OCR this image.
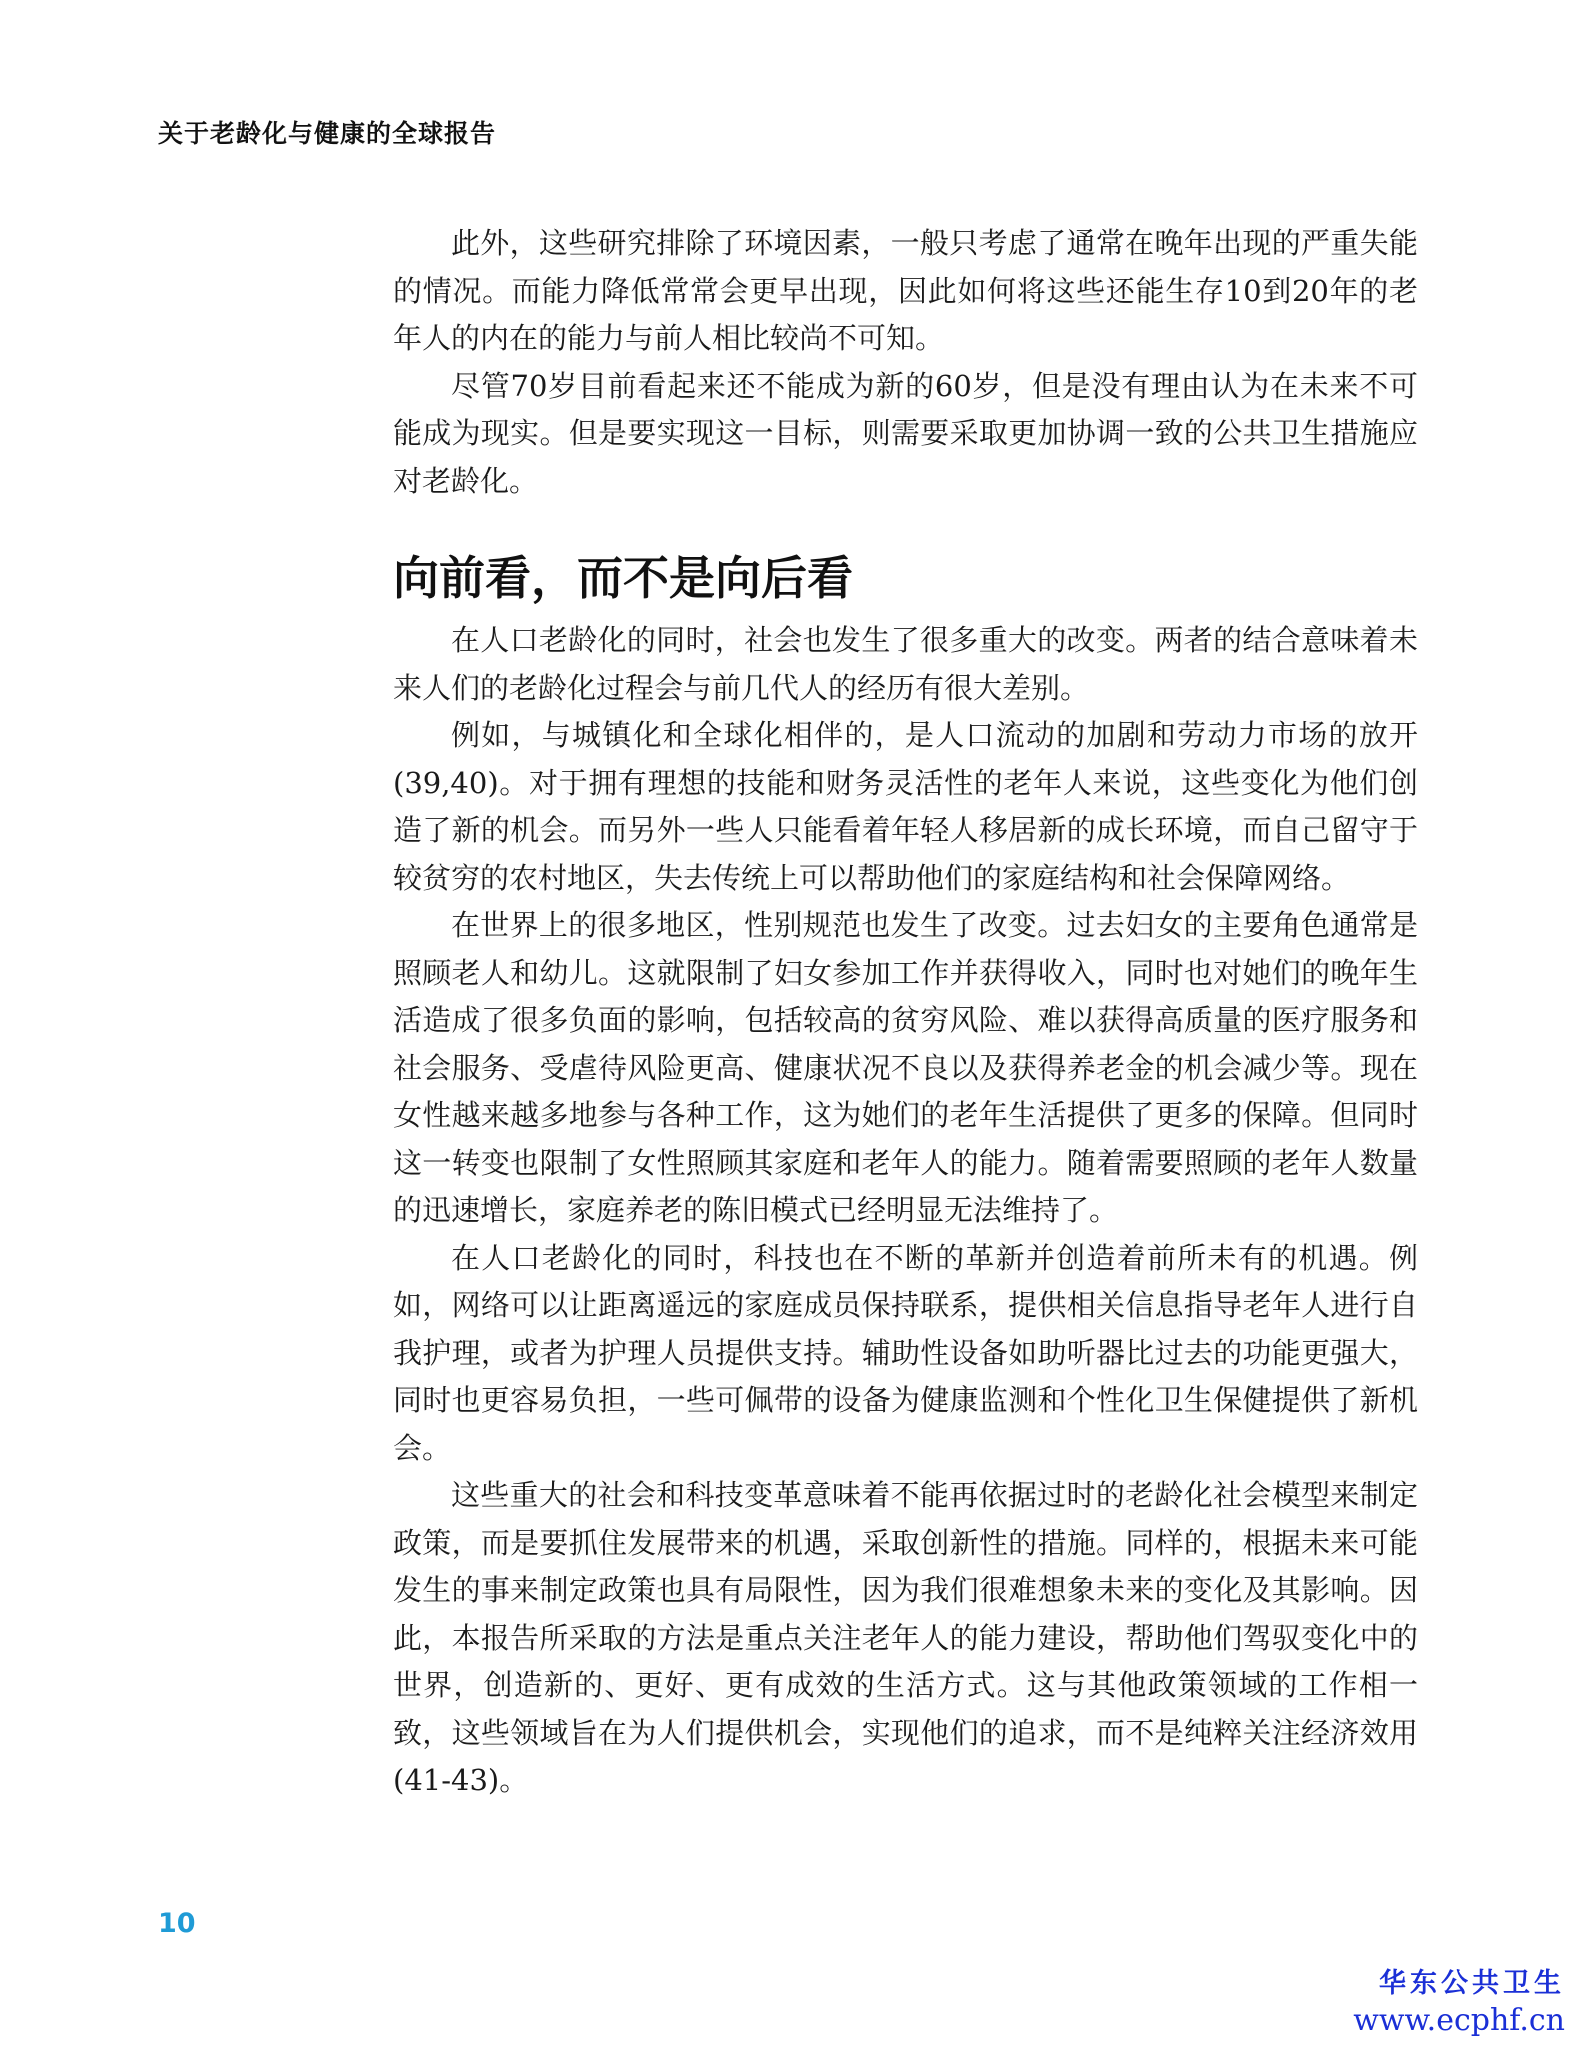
关于老龄化与健康的全球报告

此外，这些研究排除了环境因素，一般只考虑了通常在晚年出现的严重失能的情况。而能力降低常常会更早出现，因此如何将这些还能生存10到20年的老年人的内在的能力与前人相比较尚不可知。

尽管70岁目前看起来还不能成为新的60岁，但是没有理由认为在未来不可能成为现实。但是要实现这一目标，则需要采取更加协调一致的公共卫生措施应对老龄化。

向前看，而不是向后看

在人口老龄化的同时，社会也发生了很多重大的改变。两者的结合意味着未来人们的老龄化过程会与前几代人的经历有很大差别。

例如，与城镇化和全球化相伴的，是人口流动的加剧和劳动力市场的放开(39,40)。对于拥有理想的技能和财务灵活性的老年人来说，这些变化为他们创造了新的机会。而另外一些人只能看着年轻人移居新的成长环境，而自己留守于较贫穷的农村地区，失去传统上可以帮助他们的家庭结构和社会保障网络。

在世界上的很多地区，性别规范也发生了改变。过去妇女的主要角色通常是照顾老人和幼儿。这就限制了妇女参加工作并获得收入，同时也对她们的晚年生活造成了很多负面的影响，包括较高的贫穷风险、难以获得高质量的医疗服务和社会服务、受虐待风险更高、健康状况不良以及获得养老金的机会减少等。现在女性越来越多地参与各种工作，这为她们的老年生活提供了更多的保障。但同时这一转变也限制了女性照顾其家庭和老年人的能力。随着需要照顾的老年人数量的迅速增长，家庭养老的陈旧模式已经明显无法维持了。

在人口老龄化的同时，科技也在不断的革新并创造着前所未有的机遇。例如，网络可以让距离遥远的家庭成员保持联系，提供相关信息指导老年人进行自我护理，或者为护理人员提供支持。辅助性设备如助听器比过去的功能更强大，同时也更容易负担，一些可佩带的设备为健康监测和个性化卫生保健提供了新机会。

这些重大的社会和科技变革意味着不能再依据过时的老龄化社会模型来制定政策，而是要抓住发展带来的机遇，采取创新性的措施。同样的，根据未来可能发生的事来制定政策也具有局限性，因为我们很难想象未来的变化及其影响。因此，本报告所采取的方法是重点关注老年人的能力建设，帮助他们驾驭变化中的世界，创造新的、更好、更有成效的生活方式。这与其他政策领域的工作相一致，这些领域旨在为人们提供机会，实现他们的追求，而不是纯粹关注经济效用(41-43)。

10
华东公共卫生
www.ecphf.cn
